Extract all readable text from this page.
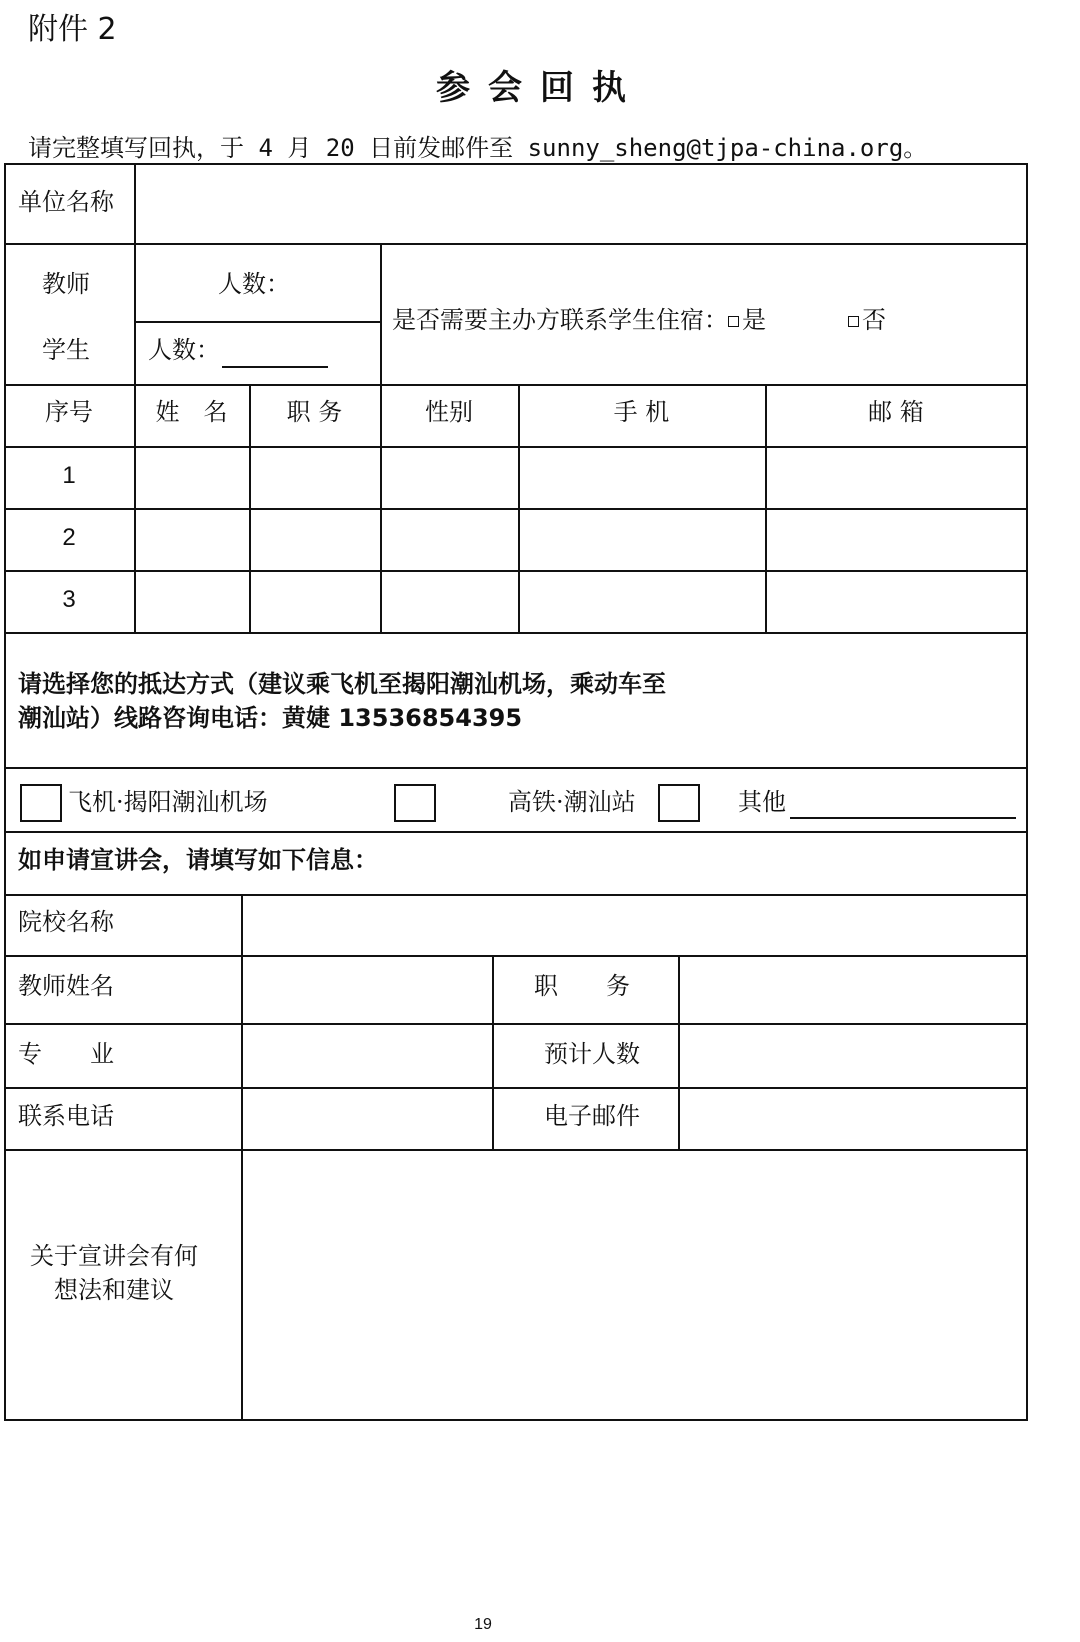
附件 2
参会回执
请完整填写回执，于 4 月 20 日前发邮件至 sunny_sheng@tjpa-china.org。
单位名称
教师	人数：
学生 人数：
是否需要主办方联系学生住宿： 是	否
序号	姓　名	职 务	性别	手 机	邮 箱
1
2
3
请选择您的抵达方式（建议乘飞机至揭阳潮汕机场，乘动车至
潮汕站）线路咨询电话：黄婕 13536854395
飞机·揭阳潮汕机场	高铁·潮汕站	其他
如申请宣讲会，请填写如下信息：
院校名称
教师姓名	职　　务
专　　业	预计人数
联系电话	电子邮件
关于宣讲会有何
想法和建议
19
